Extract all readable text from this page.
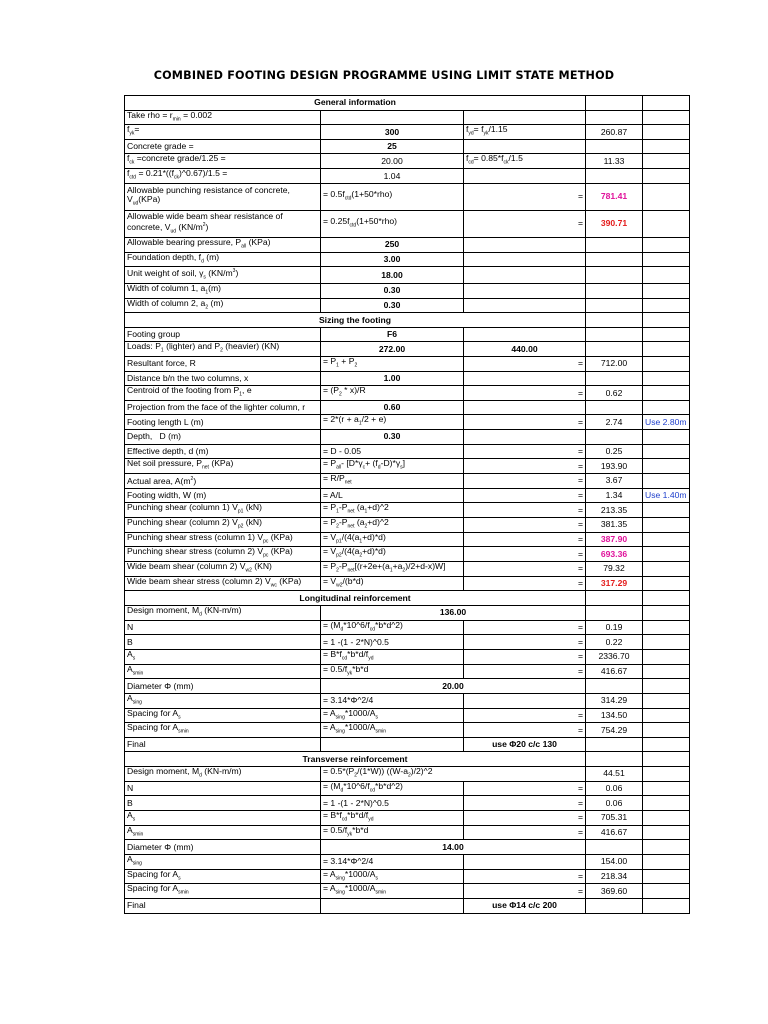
COMBINED FOOTING DESIGN PROGRAMME USING LIMIT STATE METHOD
General information				
Take rho = $r_{min} = 0.002$				
$f_{yk}=$	300	$f_{yd}= f_{yk}/1.15$	260.87	
Concrete grade =	25			
$f_{ck}$ =concrete grade/1.25 =	20.00	$f_{cd}= 0.85*f_{ck}/1.5$	11.33	
$f_{ctd}$ = $0.21*((f_{ck})\^{}0.67)/1.5$ =	1.04			
Allowable punching resistance of concrete, $V_{ud}(KPa)$	= $0.5f_{ctd}(1+50*rho)$	=	781.41	
Allowable wide beam shear resistance of concrete, $V_{ud}$ $(KN/m^2)$	= $0.25f_{ctd}(1+50*rho)$	=	390.71	
Allowable bearing pressure, $P_{all}$ (KPa)	250			
Foundation depth, $f_d$ (m)	3.00			
Unit weight of soil, $\gamma_s$ $(KN/m^3)$	18.00			
Width of column 1, $a_1(m)$	0.30			
Width of column 2, $a_2$ (m)	0.30			
Sizing the footing				
Footing group	F6			
Loads: $P_1$ (lighter) and $P_2$ (heavier) (KN)	272.00	440.00		
Resultant force, R	= $P_1 + P_2$	=	712.00	
Distance b/n the two columns, x	1.00			
Centroid of the footing from $P_1$, e	= $(P_2 * x)/R$	=	0.62	
Projection from the face of the lighter column, r	0.60			
Footing length L (m)	= $2*(r + a_1/2 + e)$	=	2.74	Use 2.80m
Depth,   D (m)	0.30			
Effective depth, d (m)	= D - 0.05	=	0.25	
Net soil pressure, $P_{net}$ (KPa)	= $P_{all}-$ $[D*\gamma_c+ (f_d-D)*\gamma_s]$	=	193.90	
Actual area, $A(m^2)$	= $R/P_{net}$	=	3.67	
Footing width, W (m)	= A/L	=	1.34	Use 1.40m
Punching shear (column 1) $V_{p1}$ (kN)	= $P_1-P_{net}$ $(a_1+d)\^{}2$	=	213.35	
Punching shear (column 2) $V_{p2}$ (kN)	= $P_2-P_{net}$ $(a_2+d)\^{}2$	=	381.35	
Punching shear stress (column 1) $V_{pc}$ (KPa)	= $V_{p1}/(4(a_1+d)*d)$	=	387.90	
Punching shear stress (column 2) $V_{pc}$ (KPa)	= $V_{p2}/(4(a_2+d)*d)$	=	693.36	
Wide beam shear (column 2) $V_{w2}$ (KN)	= $P_2-P_{net}[(r+2e+(a_1+a_2)/2+d-x)W]$	=	79.32	
Wide beam shear stress (column 2) $V_{wc}$ (KPa)	= $V_{w2}/(b*d)$	=	317.29	
Longitudinal reinforcement				
Design moment, $M_d$ (KN-m/m)	136.00			
N	= $(M_d*10\^{}6/f_{cd}*b*d\^{}2)$	=	0.19	
B	= 1 -(1 - 2*N)^0.5	=	0.22	
$A_s$	= $B*f_{cd}*b*d/f_{yd}$	=	2336.70	
$A_{smin}$	= $0.5/f_{yk}*b*d$	=	416.67	
Diameter Φ (mm)	20.00			
$A_{sing}$	= 3.14*Φ^2/4		314.29	
Spacing for $A_s$	= $A_{sing}*1000/A_s$	=	134.50	
Spacing for $A_{smin}$	= $A_{sing}*1000/A_{smin}$	=	754.29	
Final		use Φ20 c/c 130		
Transverse reinforcement				
Design moment, $M_d$ (KN-m/m)	= $0.5*(P_2/(1*W))$ $((W-a_2)/2)\^{}2$		44.51	
N	= $(M_d*10\^{}6/f_{cd}*b*d\^{}2)$	=	0.06	
B	= 1 -(1 - 2*N)^0.5	=	0.06	
$A_s$	= $B*f_{cd}*b*d/f_{yd}$	=	705.31	
$A_{smin}$	= $0.5/f_{yk}*b*d$	=	416.67	
Diameter Φ (mm)	14.00			
$A_{sing}$	= 3.14*Φ^2/4		154.00	
Spacing for $A_s$	= $A_{sing}*1000/A_s$	=	218.34	
Spacing for $A_{smin}$	= $A_{sing}*1000/A_{smin}$	=	369.60	
Final		use Φ14 c/c 200		
